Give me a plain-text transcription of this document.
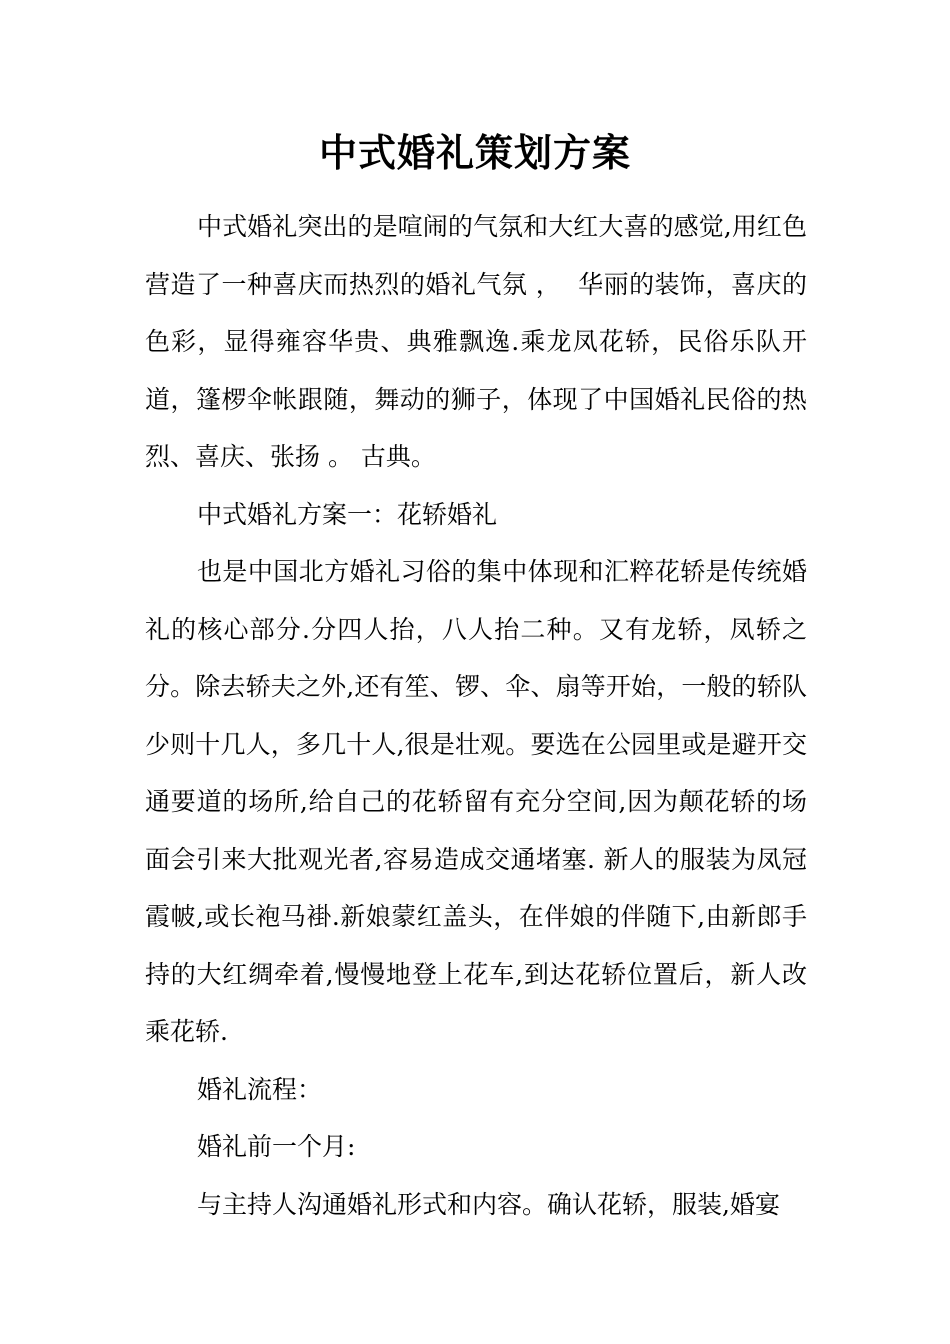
中式婚礼策划方案

中式婚礼突出的是喧闹的气氛和大红大喜的感觉,用红色营造了一种喜庆而热烈的婚礼气氛 ，  华丽的装饰，喜庆的色彩，显得雍容华贵、典雅飘逸.乘龙凤花轿，民俗乐队开道，篷椤伞帐跟随，舞动的狮子，体现了中国婚礼民俗的热烈、喜庆、张扬 。 古典。

中式婚礼方案一：花轿婚礼

也是中国北方婚礼习俗的集中体现和汇粹花轿是传统婚礼的核心部分.分四人抬，八人抬二种。又有龙轿，凤轿之分。除去轿夫之外,还有笙、锣、伞、扇等开始，一般的轿队少则十几人，多几十人,很是壮观。要选在公园里或是避开交通要道的场所,给自己的花轿留有充分空间,因为颠花轿的场面会引来大批观光者,容易造成交通堵塞. 新人的服装为凤冠霞帔,或长袍马褂.新娘蒙红盖头，在伴娘的伴随下,由新郎手持的大红绸牵着,慢慢地登上花车,到达花轿位置后，新人改乘花轿.

婚礼流程：

婚礼前一个月:

与主持人沟通婚礼形式和内容。确认花轿，服装,婚宴
